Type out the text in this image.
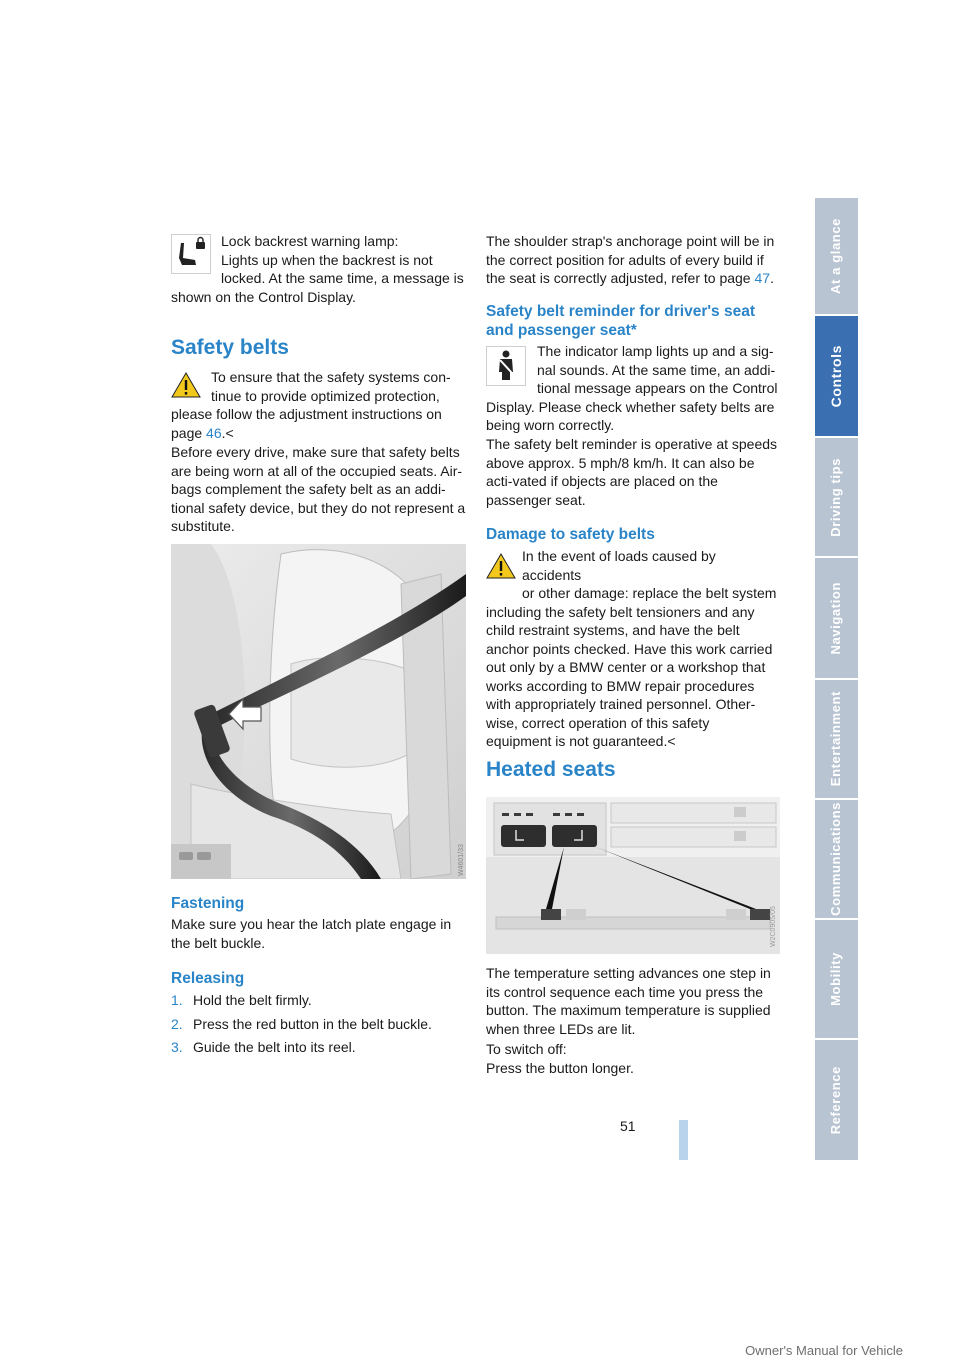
Lock backrest warning lamp:

Lights up when the backrest is not

locked. At the same time, a message is

shown on the Control Display.

Safety belts

To ensure that the safety systems con-

tinue to provide optimized protection,

please follow the adjustment instructions on

page 46.<

Before every drive, make sure that safety belts are being worn at all of the occupied seats. Air-bags complement the safety belt as an addi-tional safety device, but they do not represent a substitute.

W4601/33
Fastening

Make sure you hear the latch plate engage in the belt buckle.

Releasing
1. Hold the belt firmly.
2. Press the red button in the belt buckle.
3. Guide the belt into its reel.

The shoulder strap's anchorage point will be in the correct position for adults of every build if the seat is correctly adjusted, refer to page 47.

Safety belt reminder for driver's seat and passenger seat*

The indicator lamp lights up and a sig-

nal sounds. At the same time, an addi-

tional message appears on the Control

Display. Please check whether safety belts are being worn correctly.

The safety belt reminder is operative at speeds above approx. 5 mph/8 km/h. It can also be acti-vated if objects are placed on the passenger seat.

Damage to safety belts

In the event of loads caused by accidents

or other damage: replace the belt system

including the safety belt tensioners and any child restraint systems, and have the belt anchor points checked. Have this work carried out only by a BMW center or a workshop that works according to BMW repair procedures with appropriately trained personnel. Other-wise, correct operation of this safety equipment is not guaranteed.<

Heated seats
W2C0905/05

The temperature setting advances one step in its control sequence each time you press the button. The maximum temperature is supplied when three LEDs are lit.

To switch off:

Press the button longer.

51
At a glance
Controls
Driving tips
Navigation
Entertainment
Communications
Mobility
Reference
Owner's Manual for Vehicle
